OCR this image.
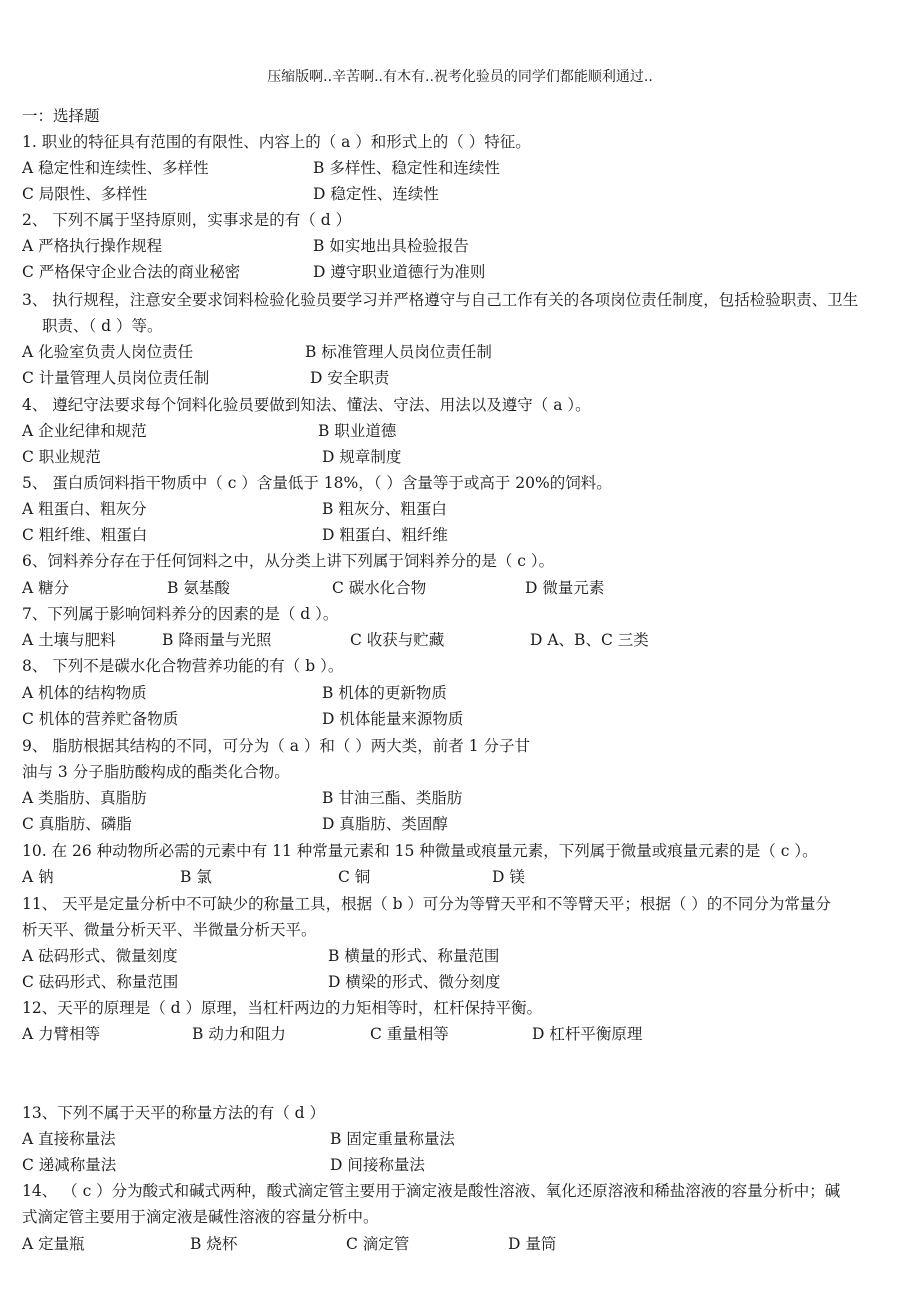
压缩版啊..辛苦啊..有木有..祝考化验员的同学们都能顺利通过..
一：选择题
1. 职业的特征具有范围的有限性、内容上的（ a ）和形式上的（ ）特征。
A 稳定性和连续性、多样性	B 多样性、稳定性和连续性
C 局限性、多样性	D 稳定性、连续性
2、 下列不属于坚持原则，实事求是的有（ d ）
A 严格执行操作规程	B 如实地出具检验报告
C 严格保守企业合法的商业秘密	D 遵守职业道德行为准则
3、 执行规程，注意安全要求饲料检验化验员要学习并严格遵守与自己工作有关的各项岗位责任制度，包括检验职责、卫生
职责、（ d ）等。
A 化验室负责人岗位责任	B 标准管理人员岗位责任制
C 计量管理人员岗位责任制	D 安全职责
4、 遵纪守法要求每个饲料化验员要做到知法、懂法、守法、用法以及遵守（ a ）。
A 企业纪律和规范	B 职业道德
C 职业规范	D 规章制度
5、 蛋白质饲料指干物质中（ c ）含量低于 18%，（ ）含量等于或高于 20%的饲料。
A 粗蛋白、粗灰分	B 粗灰分、粗蛋白
C 粗纤维、粗蛋白	D 粗蛋白、粗纤维
6、饲料养分存在于任何饲料之中，从分类上讲下列属于饲料养分的是（ c ）。
A 糖分	B 氨基酸	C 碳水化合物	D 微量元素
7、下列属于影响饲料养分的因素的是（ d ）。
A 土壤与肥料	B 降雨量与光照	C 收获与贮藏	D A、B、C 三类
8、 下列不是碳水化合物营养功能的有（ b ）。
A 机体的结构物质	B 机体的更新物质
C 机体的营养贮备物质	D 机体能量来源物质
9、 脂肪根据其结构的不同，可分为（ a ）和（ ）两大类，前者 1 分子甘
油与 3 分子脂肪酸构成的酯类化合物。
A 类脂肪、真脂肪	B 甘油三酯、类脂肪
C 真脂肪、磷脂	D 真脂肪、类固醇
10. 在 26 种动物所必需的元素中有 11 种常量元素和 15 种微量或痕量元素，下列属于微量或痕量元素的是（ c ）。
A 钠	B 氯	C 铜	D 镁
11、 天平是定量分析中不可缺少的称量工具，根据（ b ）可分为等臂天平和不等臂天平；根据（ ）的不同分为常量分
析天平、微量分析天平、半微量分析天平。
A 砝码形式、微量刻度	B 横量的形式、称量范围
C 砝码形式、称量范围	D 横梁的形式、微分刻度
12、天平的原理是（ d ）原理，当杠杆两边的力矩相等时，杠杆保持平衡。
A 力臂相等	B 动力和阻力	C 重量相等	D 杠杆平衡原理
13、下列不属于天平的称量方法的有（ d ）
A 直接称量法	B 固定重量称量法
C 递减称量法	D 间接称量法
14、 （ c ）分为酸式和碱式两种，酸式滴定管主要用于滴定液是酸性溶液、氧化还原溶液和稀盐溶液的容量分析中；碱
式滴定管主要用于滴定液是碱性溶液的容量分析中。
A 定量瓶	B 烧杯	C 滴定管	D 量筒
